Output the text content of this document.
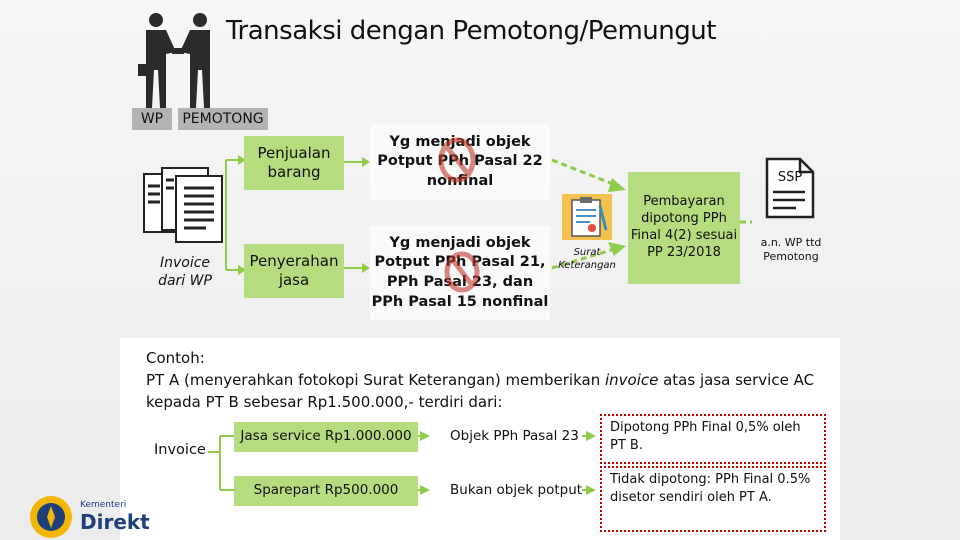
Transaksi dengan Pemotong/Pemungut
WP	PEMOTONG
Invoice dari WP
Penjualan barang
Penyerahan jasa
Yg menjadi objek Potput PPh Pasal 22 nonfinal
Yg menjadi objek Potput PPh Pasal 21, PPh Pasal 23, dan PPh Pasal 15 nonfinal
Surat Keterangan
Pembayaran dipotong PPh Final 4(2) sesuai PP 23/2018
SSP
a.n. WP ttd Pemotong
Contoh:
PT A (menyerahkan fotokopi Surat Keterangan) memberikan invoice atas jasa service AC
kepada PT B sebesar Rp1.500.000,- terdiri dari:
Invoice
Jasa service Rp1.000.000
Sparepart Rp500.000
Objek PPh Pasal 23
Bukan objek potput
Dipotong PPh Final 0,5% oleh PT B.
Tidak dipotong: PPh Final 0.5% disetor sendiri oleh PT A.
Kementeri
Direkt
